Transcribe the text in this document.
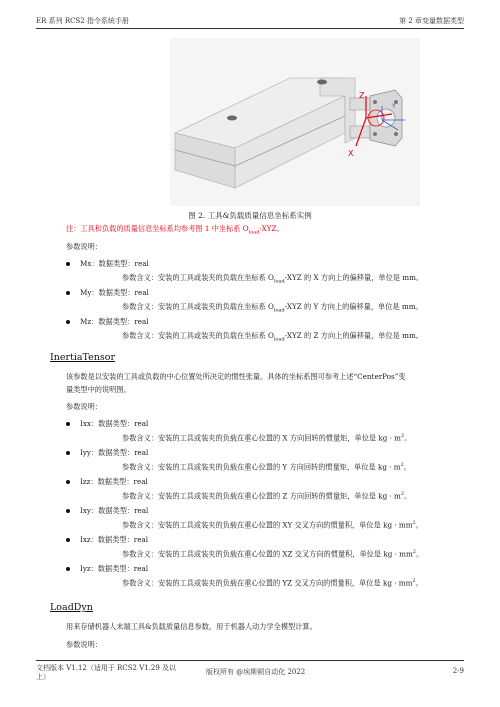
ER 系列 RCS2 指令系统手册	第 2 章变量数据类型
Z
X
Y
图 2. 工具&负载质量信息坐标系实例
注：工具和负载的质量信息坐标系均参考图 1 中坐标系 $O_{load}$-XYZ。
参数说明：
Mx：数据类型：real
参数含义：安装的工具或装夹的负载在坐标系 $O_{load}$-XYZ 的 X 方向上的偏移量，单位是 mm。
My：数据类型：real
参数含义：安装的工具或装夹的负载在坐标系 $O_{load}$-XYZ 的 Y 方向上的偏移量，单位是 mm。
Mz：数据类型：real
参数含义：安装的工具或装夹的负载在坐标系 $O_{load}$-XYZ 的 Z 方向上的偏移量，单位是 mm。
InertiaTensor
该参数是以安装的工具或负载的中心位置处所决定的惯性张量。具体的坐标系图可参考上述“CenterPos”变
量类型中的说明图。
参数说明：
Ixx：数据类型：real
参数含义：安装的工具或装夹的负载在重心位置的 X 方向回转的惯量矩，单位是 kg · $m^2$。
Iyy：数据类型：real
参数含义：安装的工具或装夹的负载在重心位置的 Y 方向回转的惯量矩，单位是 kg · $m^2$。
Izz：数据类型：real
参数含义：安装的工具或装夹的负载在重心位置的 Z 方向回转的惯量矩，单位是 kg · $m^2$。
Ixy：数据类型：real
参数含义：安装的工具或装夹的负载在重心位置的 XY 交叉方向的惯量积，单位是 kg · $mm^2$。
Ixz：数据类型：real
参数含义：安装的工具或装夹的负载在重心位置的 XZ 交叉方向的惯量积，单位是 kg · $mm^2$。
Iyz：数据类型：real
参数含义：安装的工具或装夹的负载在重心位置的 YZ 交叉方向的惯量积，单位是 kg · $mm^2$。
LoadDyn
用来存储机器人末端工具&负载质量信息参数，用于机器人动力学全模型计算。
参数说明：
文档版本 V1.12（适用于 RCS2 V1.29 及以上）
版权所有 @埃斯顿自动化 2022	2-9
